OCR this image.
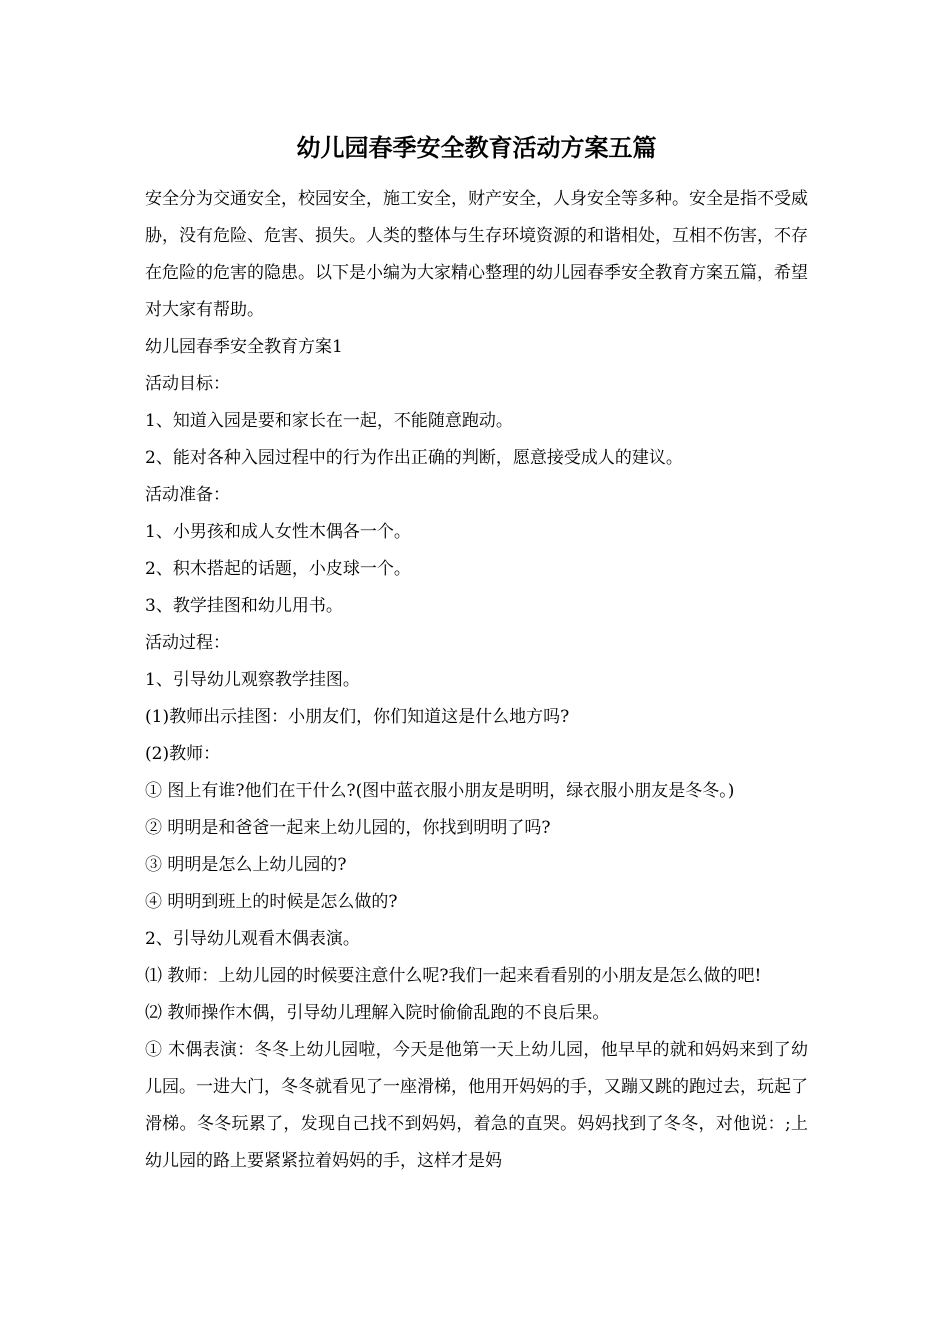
幼儿园春季安全教育活动方案五篇

安全分为交通安全，校园安全，施工安全，财产安全，人身安全等多种。安全是指不受威胁，没有危险、危害、损失。人类的整体与生存环境资源的和谐相处，互相不伤害，不存在危险的危害的隐患。以下是小编为大家精心整理的幼儿园春季安全教育方案五篇，希望对大家有帮助。

幼儿园春季安全教育方案1

活动目标：

1、知道入园是要和家长在一起，不能随意跑动。

2、能对各种入园过程中的行为作出正确的判断，愿意接受成人的建议。

活动准备：

1、小男孩和成人女性木偶各一个。

2、积木搭起的话题，小皮球一个。

3、教学挂图和幼儿用书。

活动过程：

1、引导幼儿观察教学挂图。

(1)教师出示挂图：小朋友们，你们知道这是什么地方吗?

(2)教师：

① 图上有谁?他们在干什么?(图中蓝衣服小朋友是明明，绿衣服小朋友是冬冬。)

② 明明是和爸爸一起来上幼儿园的，你找到明明了吗?

③ 明明是怎么上幼儿园的?

④ 明明到班上的时候是怎么做的?

2、引导幼儿观看木偶表演。

⑴ 教师：上幼儿园的时候要注意什么呢?我们一起来看看别的小朋友是怎么做的吧!

⑵ 教师操作木偶，引导幼儿理解入院时偷偷乱跑的不良后果。

① 木偶表演：冬冬上幼儿园啦，今天是他第一天上幼儿园，他早早的就和妈妈来到了幼儿园。一进大门，冬冬就看见了一座滑梯，他用开妈妈的手，又蹦又跳的跑过去，玩起了滑梯。冬冬玩累了，发现自己找不到妈妈，着急的直哭。妈妈找到了冬冬，对他说：;上幼儿园的路上要紧紧拉着妈妈的手，这样才是妈
